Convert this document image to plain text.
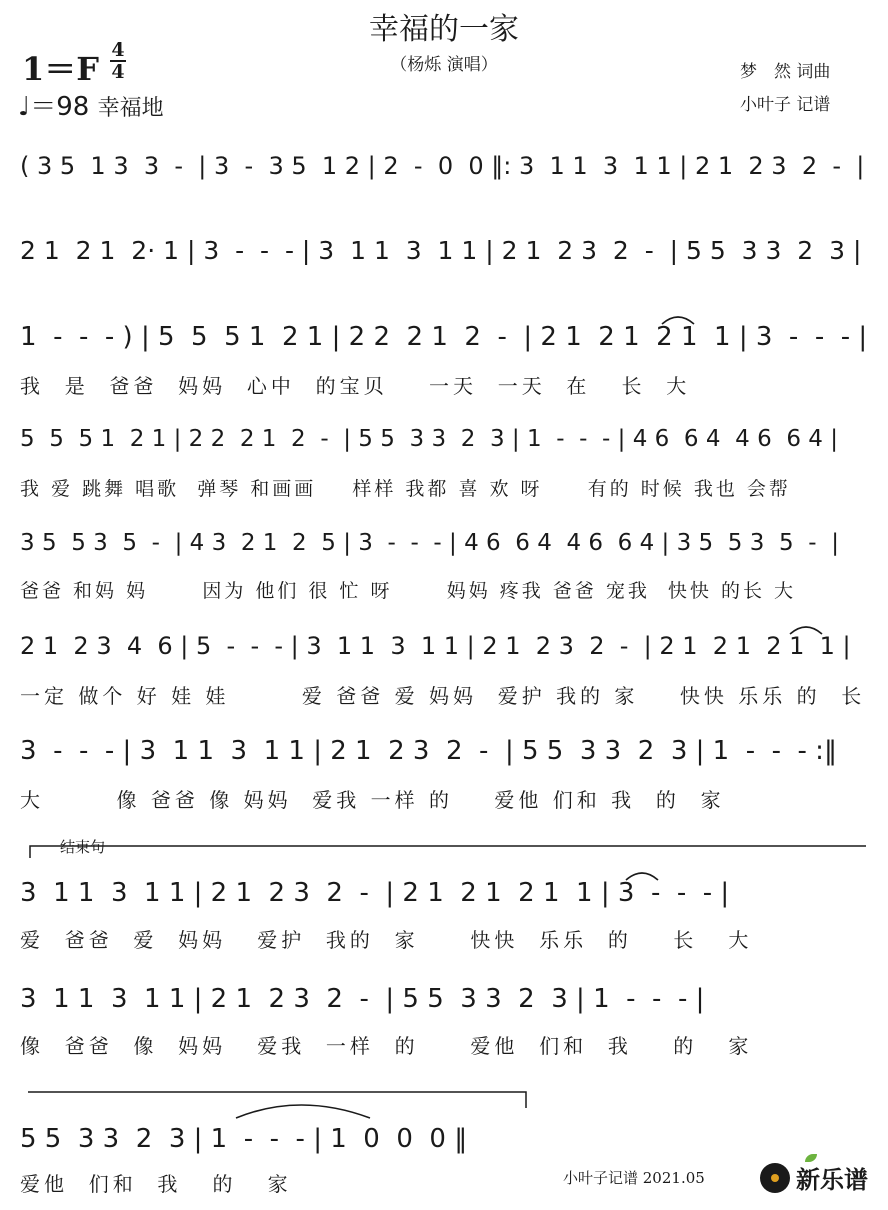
幸福的一家
（杨烁 演唱）
1＝F 4
4
♩＝98 幸福地
梦　然 词曲
小叶子 记谱
( 3 5  1 3  3  -  | 3  -  3 5  1 2 | 2  -  0  0 ‖: 3  1 1  3  1 1 | 2 1  2 3  2  -  |
2 1  2 1  2· 1 | 3  -  -  - | 3  1 1  3  1 1 | 2 1  2 3  2  -  | 5 5  3 3  2  3 |
1  -  -  - ) | 5  5  5 1  2 1 | 2 2  2 1  2  -  | 2 1  2 1  2 1  1 | 3  -  -  - |
我  是  爸爸  妈妈  心中  的宝贝    一天  一天  在   长  大
5  5  5 1  2 1 | 2 2  2 1  2  -  | 5 5  3 3  2  3 | 1  -  -  - | 4 6  6 4  4 6  6 4 |
我 爱 跳舞 唱歌  弹琴 和画画    样样 我都 喜 欢 呀     有的 时候 我也 会帮
3 5  5 3  5  -  | 4 3  2 1  2  5 | 3  -  -  - | 4 6  6 4  4 6  6 4 | 3 5  5 3  5  -  |
爸爸 和妈 妈      因为 他们 很 忙 呀      妈妈 疼我 爸爸 宠我  快快 的长 大
2 1  2 3  4  6 | 5  -  -  - | 3  1 1  3  1 1 | 2 1  2 3  2  -  | 2 1  2 1  2 1  1 |
一定 做个 好 娃 娃       爱 爸爸 爱 妈妈  爱护 我的 家    快快 乐乐 的  长
3  -  -  - | 3  1 1  3  1 1 | 2 1  2 3  2  -  | 5 5  3 3  2  3 | 1  -  -  - :‖
大       像 爸爸 像 妈妈  爱我 一样 的    爱他 们和 我  的  家
3  1 1  3  1 1 | 2 1  2 3  2  -  | 2 1  2 1  2 1  1 | 3  -  -  - |
爱  爸爸  爱  妈妈   爱护  我的  家     快快  乐乐  的    长   大
3  1 1  3  1 1 | 2 1  2 3  2  -  | 5 5  3 3  2  3 | 1  -  -  - |
像  爸爸  像  妈妈   爱我  一样  的     爱他  们和  我    的   家
5 5  3 3  2  3 | 1  -  -  - | 1  0  0  0 ‖
爱他  们和  我   的   家
结束句
小叶子记谱 2021.05	新乐谱
